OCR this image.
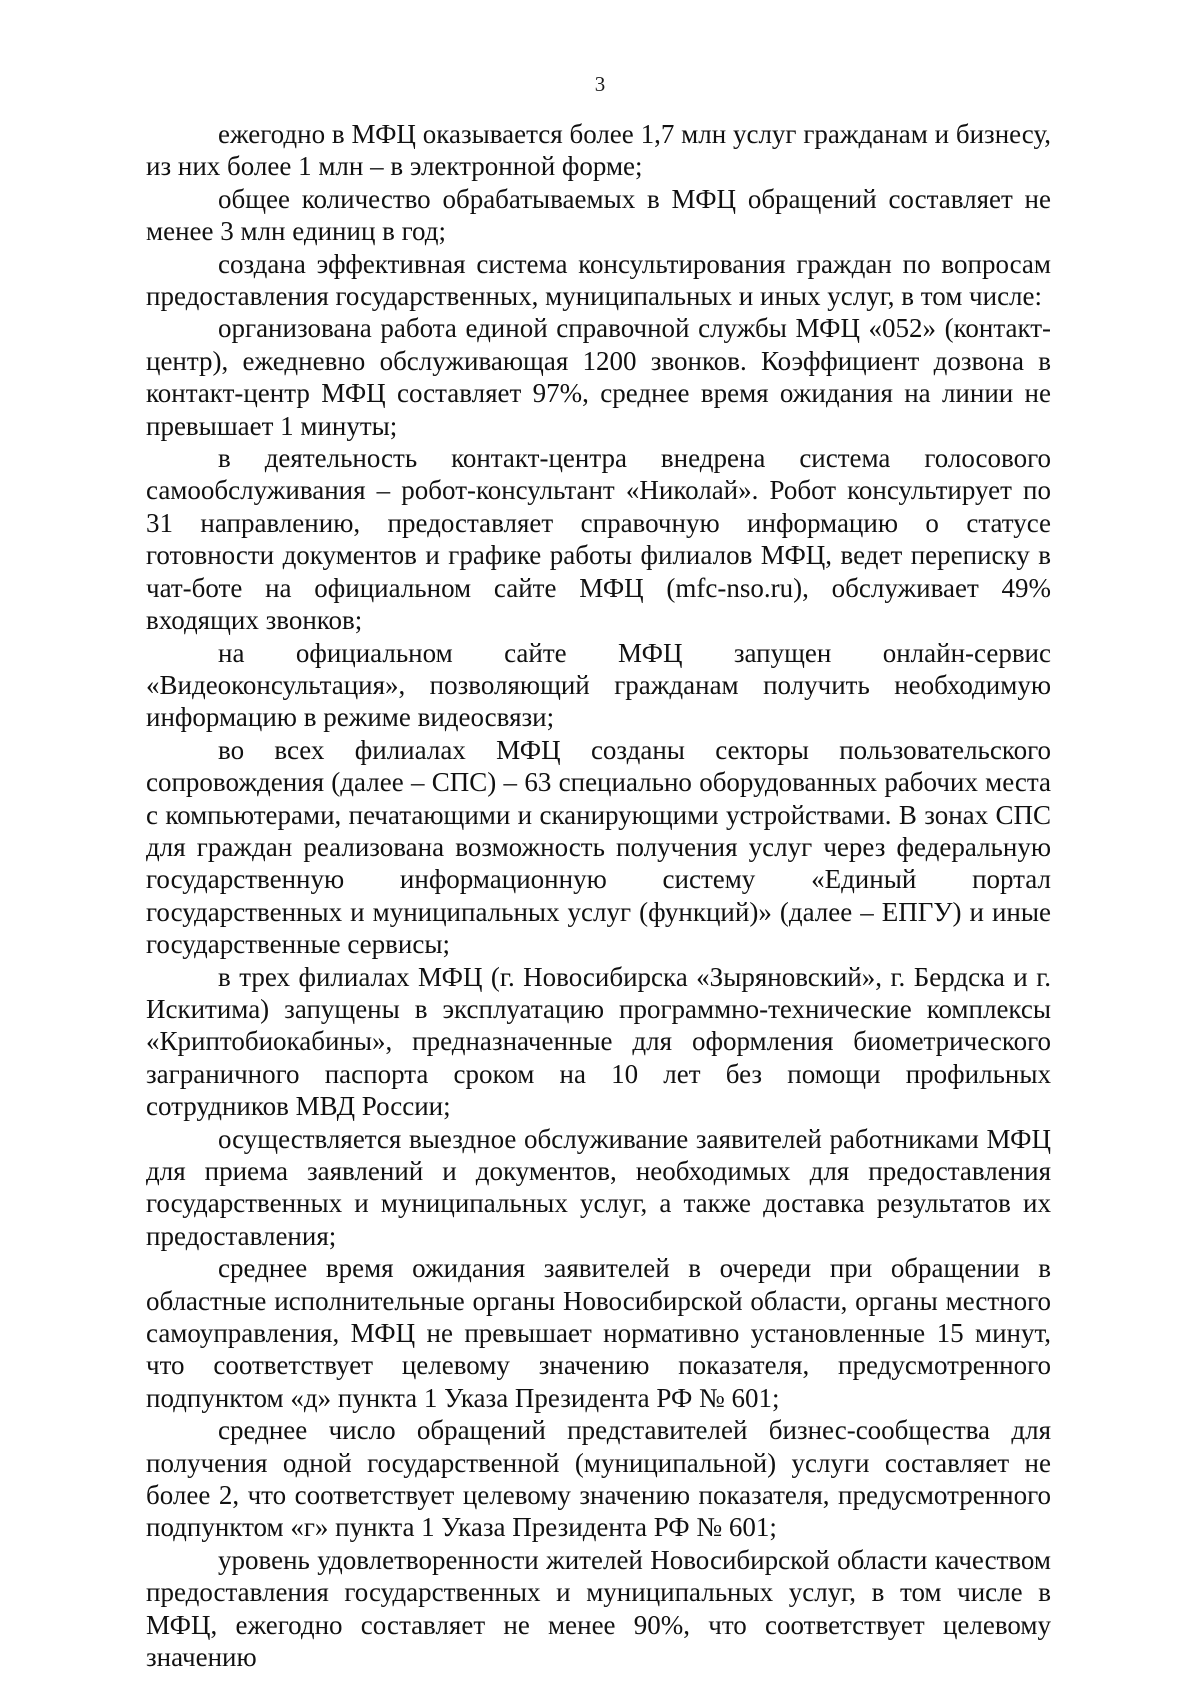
3

ежегодно в МФЦ оказывается более 1,7 млн услуг гражданам и бизнесу, из них более 1 млн – в электронной форме;

общее количество обрабатываемых в МФЦ обращений составляет не менее 3 млн единиц в год;

создана эффективная система консультирования граждан по вопросам предоставления государственных, муниципальных и иных услуг, в том числе:

организована работа единой справочной службы МФЦ «052» (контакт-центр), ежедневно обслуживающая 1200 звонков. Коэффициент дозвона в контакт-центр МФЦ составляет 97%, среднее время ожидания на линии не превышает 1 минуты;

в деятельность контакт-центра внедрена система голосового самообслуживания – робот-консультант «Николай». Робот консультирует по 31 направлению, предоставляет справочную информацию о статусе готовности документов и графике работы филиалов МФЦ, ведет переписку в чат-боте на официальном сайте МФЦ (mfc-nso.ru), обслуживает 49% входящих звонков;

на официальном сайте МФЦ запущен онлайн-сервис «Видеоконсультация», позволяющий гражданам получить необходимую информацию в режиме видеосвязи;

во всех филиалах МФЦ созданы секторы пользовательского сопровождения (далее – СПС) – 63 специально оборудованных рабочих места с компьютерами, печатающими и сканирующими устройствами. В зонах СПС для граждан реализована возможность получения услуг через федеральную государственную информационную систему «Единый портал государственных и муниципальных услуг (функций)» (далее – ЕПГУ) и иные государственные сервисы;

в трех филиалах МФЦ (г. Новосибирска «Зыряновский», г. Бердска и г. Искитима) запущены в эксплуатацию программно-технические комплексы «Криптобиокабины», предназначенные для оформления биометрического заграничного паспорта сроком на 10 лет без помощи профильных сотрудников МВД России;

осуществляется выездное обслуживание заявителей работниками МФЦ для приема заявлений и документов, необходимых для предоставления государственных и муниципальных услуг, а также доставка результатов их предоставления;

среднее время ожидания заявителей в очереди при обращении в областные исполнительные органы Новосибирской области, органы местного самоуправления, МФЦ не превышает нормативно установленные 15 минут, что соответствует целевому значению показателя, предусмотренного подпунктом «д» пункта 1 Указа Президента РФ № 601;

среднее число обращений представителей бизнес-сообщества для получения одной государственной (муниципальной) услуги составляет не более 2, что соответствует целевому значению показателя, предусмотренного подпунктом «г» пункта 1 Указа Президента РФ № 601;

уровень удовлетворенности жителей Новосибирской области качеством предоставления государственных и муниципальных услуг, в том числе в МФЦ, ежегодно составляет не менее 90%, что соответствует целевому значению
